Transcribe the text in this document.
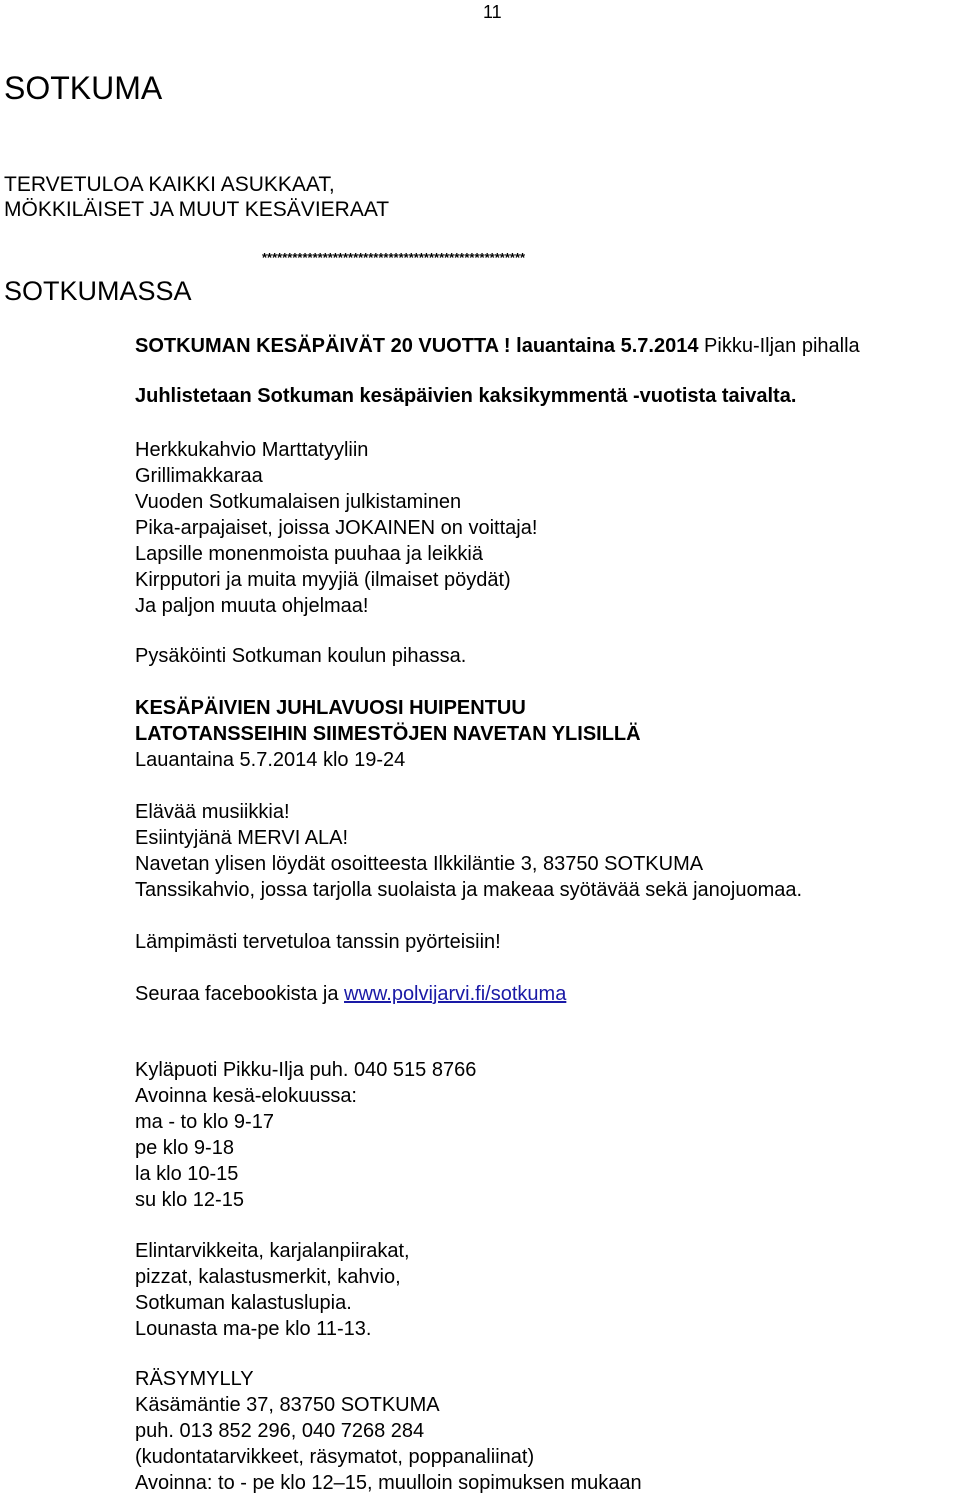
11
SOTKUMA
TERVETULOA KAIKKI ASUKKAAT,
MÖKKILÄISET JA MUUT KESÄVIERAAT
****************************************************
SOTKUMASSA
SOTKUMAN KESÄPÄIVÄT 20 VUOTTA ! lauantaina 5.7.2014 Pikku-Iljan pihalla
Juhlistetaan Sotkuman kesäpäivien kaksikymmentä -vuotista taivalta.
Herkkukahvio Marttatyyliin
Grillimakkaraa
Vuoden Sotkumalaisen julkistaminen
Pika-arpajaiset, joissa JOKAINEN on voittaja!
Lapsille monenmoista puuhaa ja leikkiä
Kirpputori ja muita myyjiä (ilmaiset pöydät)
Ja paljon muuta ohjelmaa!
Pysäköinti Sotkuman koulun pihassa.
KESÄPÄIVIEN JUHLAVUOSI HUIPENTUU
LATOTANSSEIHIN SIIMESTÖJEN NAVETAN YLISILLÄ
Lauantaina 5.7.2014 klo 19-24
Elävää musiikkia!
Esiintyjänä MERVI ALA!
Navetan ylisen löydät osoitteesta Ilkkiläntie 3, 83750 SOTKUMA
Tanssikahvio, jossa tarjolla suolaista ja makeaa syötävää sekä janojuomaa.
Lämpimästi tervetuloa tanssin pyörteisiin!
Seuraa facebookista ja www.polvijarvi.fi/sotkuma
Kyläpuoti Pikku-Ilja puh. 040 515 8766
Avoinna kesä-elokuussa:
ma - to klo 9-17
pe klo 9-18
la klo 10-15
su klo 12-15
Elintarvikkeita, karjalanpiirakat,
pizzat, kalastusmerkit, kahvio,
Sotkuman kalastuslupia.
Lounasta ma-pe klo 11-13.
RÄSYMYLLY
Käsämäntie 37, 83750 SOTKUMA
puh. 013 852 296, 040 7268 284
(kudontatarvikkeet, räsymatot, poppanaliinat)
Avoinna: to - pe klo 12–15, muulloin sopimuksen mukaan
